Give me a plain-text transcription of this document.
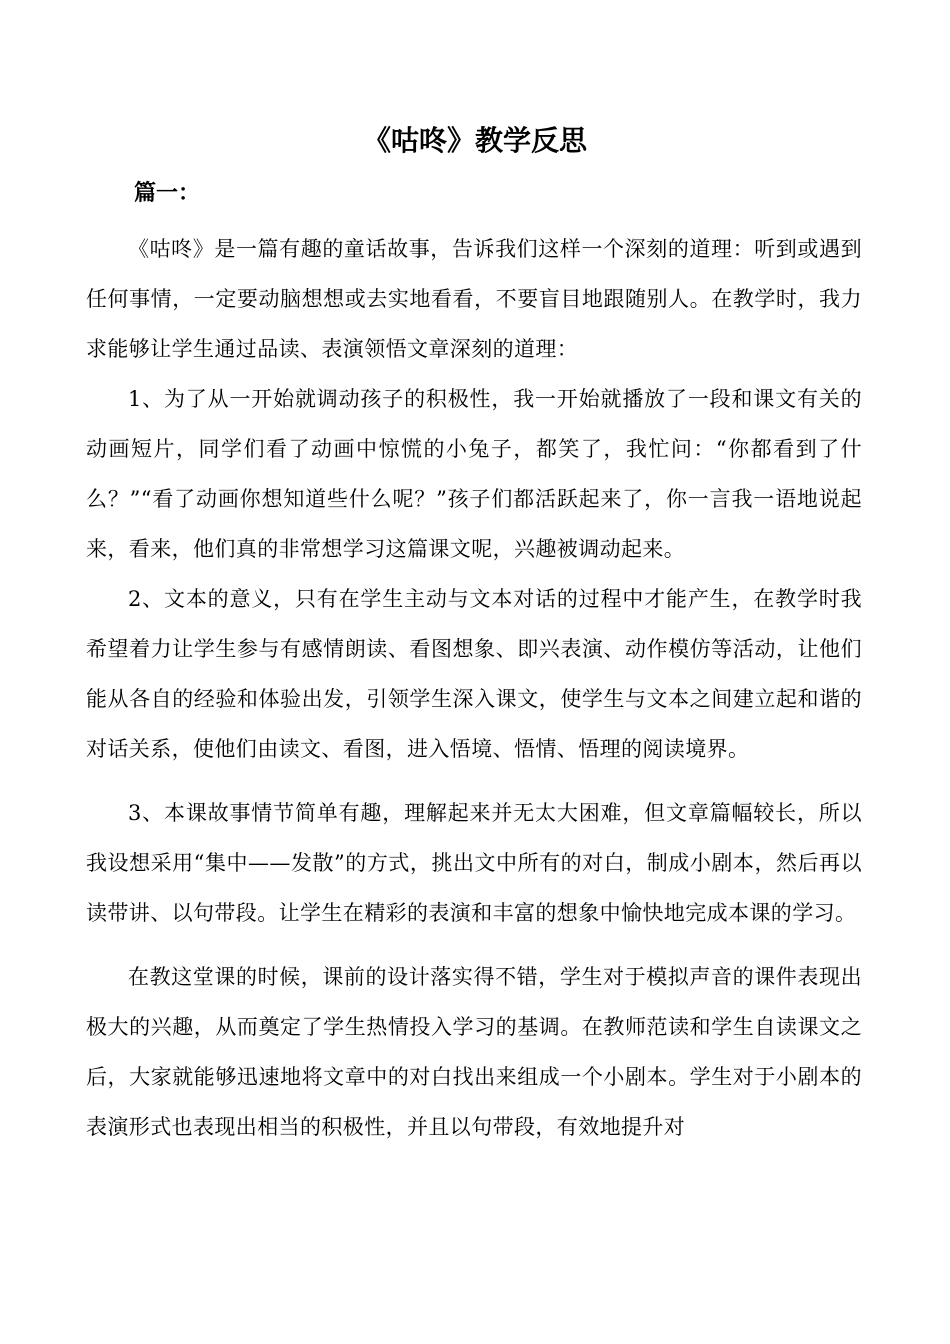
《咕咚》教学反思
篇一：

《咕咚》是一篇有趣的童话故事，告诉我们这样一个深刻的道理：听到或遇到任何事情，一定要动脑想想或去实地看看，不要盲目地跟随别人。在教学时，我力求能够让学生通过品读、表演领悟文章深刻的道理：

1、为了从一开始就调动孩子的积极性，我一开始就播放了一段和课文有关的动画短片，同学们看了动画中惊慌的小兔子，都笑了，我忙问：“你都看到了什么？”“看了动画你想知道些什么呢？”孩子们都活跃起来了，你一言我一语地说起来，看来，他们真的非常想学习这篇课文呢，兴趣被调动起来。

2、文本的意义，只有在学生主动与文本对话的过程中才能产生，在教学时我希望着力让学生参与有感情朗读、看图想象、即兴表演、动作模仿等活动，让他们能从各自的经验和体验出发，引领学生深入课文，使学生与文本之间建立起和谐的对话关系，使他们由读文、看图，进入悟境、悟情、悟理的阅读境界。

3、本课故事情节简单有趣，理解起来并无太大困难，但文章篇幅较长，所以我设想采用“集中——发散”的方式，挑出文中所有的对白，制成小剧本，然后再以读带讲、以句带段。让学生在精彩的表演和丰富的想象中愉快地完成本课的学习。

在教这堂课的时候，课前的设计落实得不错，学生对于模拟声音的课件表现出极大的兴趣，从而奠定了学生热情投入学习的基调。在教师范读和学生自读课文之后，大家就能够迅速地将文章中的对白找出来组成一个小剧本。学生对于小剧本的表演形式也表现出相当的积极性，并且以句带段，有效地提升对
